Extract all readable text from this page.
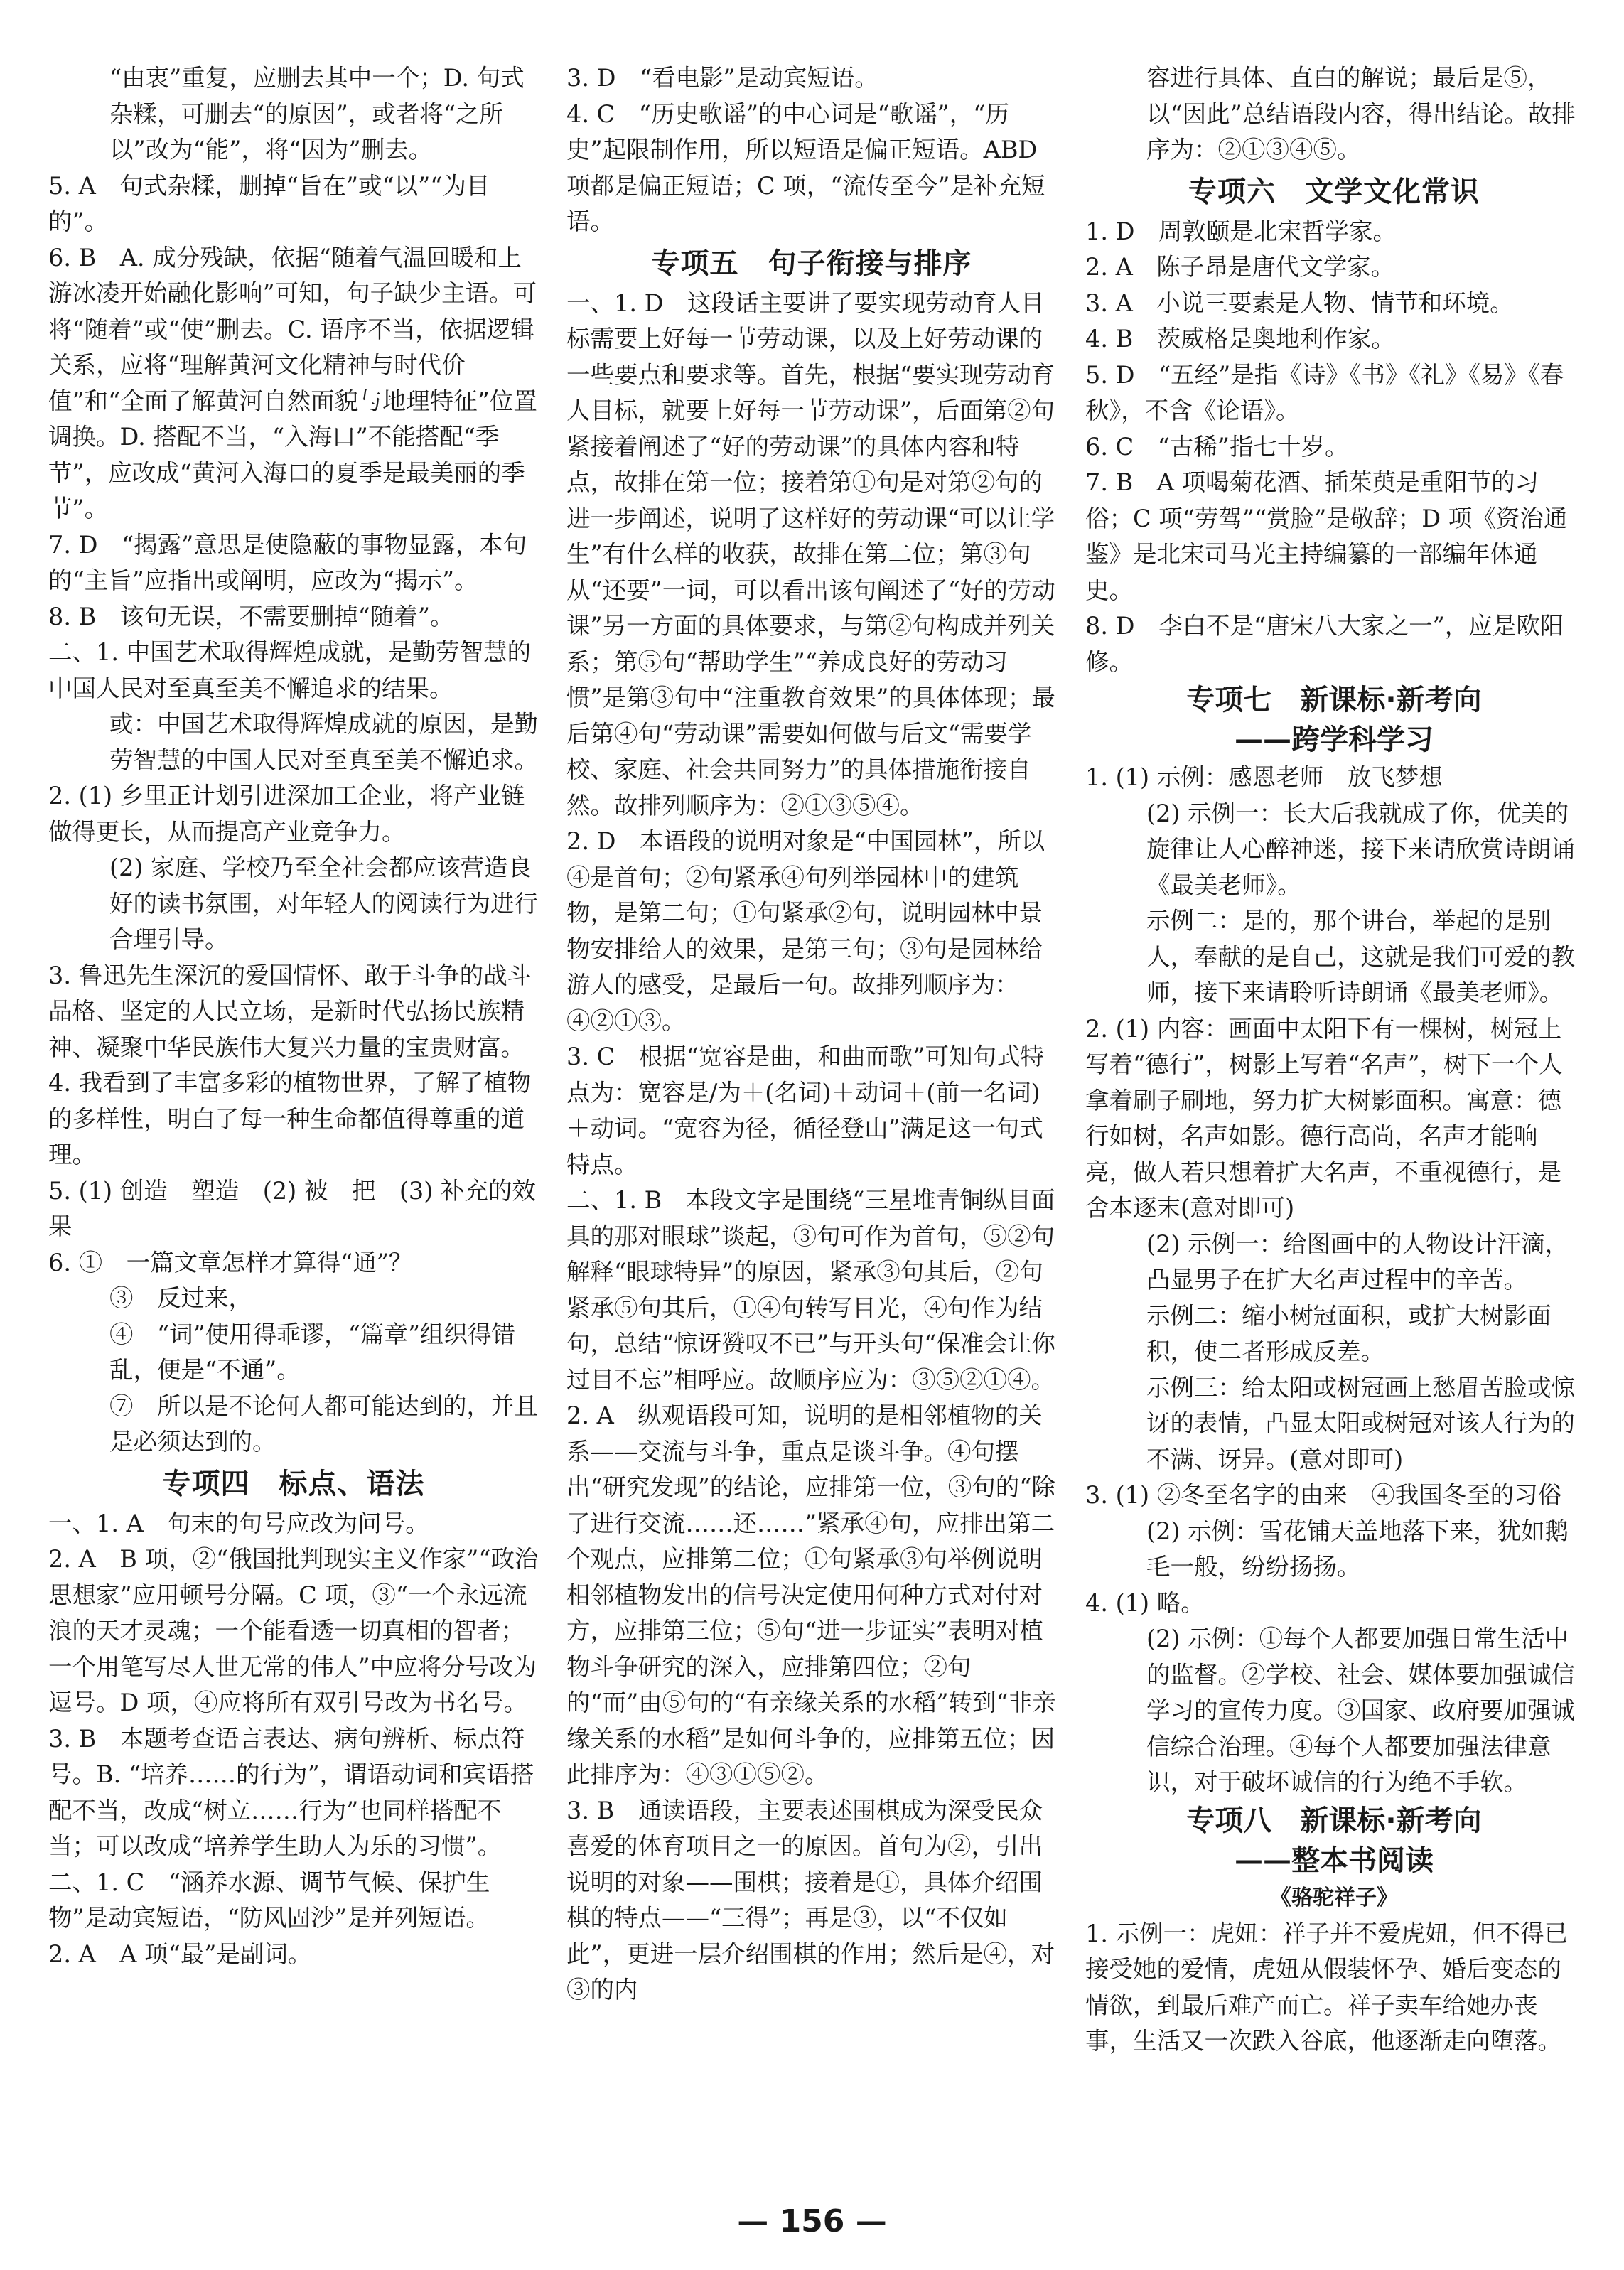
“由衷”重复，应删去其中一个；D. 句式杂糅，可删去“的原因”，或者将“之所以”改为“能”，将“因为”删去。
5. A　句式杂糅，删掉“旨在”或“以”“为目的”。
6. B　A. 成分残缺，依据“随着气温回暖和上游冰凌开始融化影响”可知，句子缺少主语。可将“随着”或“使”删去。C. 语序不当，依据逻辑关系，应将“理解黄河文化精神与时代价值”和“全面了解黄河自然面貌与地理特征”位置调换。D. 搭配不当，“入海口”不能搭配“季节”，应改成“黄河入海口的夏季是最美丽的季节”。
7. D　“揭露”意思是使隐蔽的事物显露，本句的“主旨”应指出或阐明，应改为“揭示”。
8. B　该句无误，不需要删掉“随着”。
二、1. 中国艺术取得辉煌成就，是勤劳智慧的中国人民对至真至美不懈追求的结果。
或：中国艺术取得辉煌成就的原因，是勤劳智慧的中国人民对至真至美不懈追求。
2. (1) 乡里正计划引进深加工企业，将产业链做得更长，从而提高产业竞争力。
(2) 家庭、学校乃至全社会都应该营造良好的读书氛围，对年轻人的阅读行为进行合理引导。
3. 鲁迅先生深沉的爱国情怀、敢于斗争的战斗品格、坚定的人民立场，是新时代弘扬民族精神、凝聚中华民族伟大复兴力量的宝贵财富。
4. 我看到了丰富多彩的植物世界，了解了植物的多样性，明白了每一种生命都值得尊重的道理。
5. (1) 创造　塑造　(2) 被　把　(3) 补充的效果
6. ①　一篇文章怎样才算得“通”？
③　反过来，
④　“词”使用得乖谬，“篇章”组织得错乱，便是“不通”。
⑦　所以是不论何人都可能达到的，并且是必须达到的。
专项四　标点、语法
一、1. A　句末的句号应改为问号。
2. A　B 项，②“俄国批判现实主义作家”“政治思想家”应用顿号分隔。C 项，③“一个永远流浪的天才灵魂；一个能看透一切真相的智者；一个用笔写尽人世无常的伟人”中应将分号改为逗号。D 项，④应将所有双引号改为书名号。
3. B　本题考查语言表达、病句辨析、标点符号。B. “培养……的行为”，谓语动词和宾语搭配不当，改成“树立……行为”也同样搭配不当；可以改成“培养学生助人为乐的习惯”。
二、1. C　“涵养水源、调节气候、保护生物”是动宾短语，“防风固沙”是并列短语。
2. A　A 项“最”是副词。
3. D　“看电影”是动宾短语。
4. C　“历史歌谣”的中心词是“歌谣”，“历史”起限制作用，所以短语是偏正短语。ABD 项都是偏正短语；C 项，“流传至今”是补充短语。
专项五　句子衔接与排序
一、1. D　这段话主要讲了要实现劳动育人目标需要上好每一节劳动课，以及上好劳动课的一些要点和要求等。首先，根据“要实现劳动育人目标，就要上好每一节劳动课”，后面第②句紧接着阐述了“好的劳动课”的具体内容和特点，故排在第一位；接着第①句是对第②句的进一步阐述，说明了这样好的劳动课“可以让学生”有什么样的收获，故排在第二位；第③句从“还要”一词，可以看出该句阐述了“好的劳动课”另一方面的具体要求，与第②句构成并列关系；第⑤句“帮助学生”“养成良好的劳动习惯”是第③句中“注重教育效果”的具体体现；最后第④句“劳动课”需要如何做与后文“需要学校、家庭、社会共同努力”的具体措施衔接自然。故排列顺序为：②①③⑤④。
2. D　本语段的说明对象是“中国园林”，所以④是首句；②句紧承④句列举园林中的建筑物，是第二句；①句紧承②句，说明园林中景物安排给人的效果，是第三句；③句是园林给游人的感受，是最后一句。故排列顺序为：④②①③。
3. C　根据“宽容是曲，和曲而歌”可知句式特点为：宽容是/为＋(名词)＋动词＋(前一名词)＋动词。“宽容为径，循径登山”满足这一句式特点。
二、1. B　本段文字是围绕“三星堆青铜纵目面具的那对眼球”谈起，③句可作为首句，⑤②句解释“眼球特异”的原因，紧承③句其后，②句紧承⑤句其后，①④句转写目光，④句作为结句，总结“惊讶赞叹不已”与开头句“保准会让你过目不忘”相呼应。故顺序应为：③⑤②①④。
2. A　纵观语段可知，说明的是相邻植物的关系——交流与斗争，重点是谈斗争。④句摆出“研究发现”的结论，应排第一位，③句的“除了进行交流……还……”紧承④句，应排出第二个观点，应排第二位；①句紧承③句举例说明相邻植物发出的信号决定使用何种方式对付对方，应排第三位；⑤句“进一步证实”表明对植物斗争研究的深入，应排第四位；②句的“而”由⑤句的“有亲缘关系的水稻”转到“非亲缘关系的水稻”是如何斗争的，应排第五位；因此排序为：④③①⑤②。
3. B　通读语段，主要表述围棋成为深受民众喜爱的体育项目之一的原因。首句为②，引出说明的对象——围棋；接着是①，具体介绍围棋的特点——“三得”；再是③，以“不仅如此”，更进一层介绍围棋的作用；然后是④，对③的内
容进行具体、直白的解说；最后是⑤，以“因此”总结语段内容，得出结论。故排序为：②①③④⑤。
专项六　文学文化常识
1. D　周敦颐是北宋哲学家。
2. A　陈子昂是唐代文学家。
3. A　小说三要素是人物、情节和环境。
4. B　茨威格是奥地利作家。
5. D　“五经”是指《诗》《书》《礼》《易》《春秋》，不含《论语》。
6. C　“古稀”指七十岁。
7. B　A 项喝菊花酒、插茱萸是重阳节的习俗；C 项“劳驾”“赏脸”是敬辞；D 项《资治通鉴》是北宋司马光主持编纂的一部编年体通史。
8. D　李白不是“唐宋八大家之一”，应是欧阳修。
专项七　新课标·新考向
——跨学科学习
1. (1) 示例：感恩老师　放飞梦想
(2) 示例一：长大后我就成了你，优美的旋律让人心醉神迷，接下来请欣赏诗朗诵《最美老师》。
示例二：是的，那个讲台，举起的是别人，奉献的是自己，这就是我们可爱的教师，接下来请聆听诗朗诵《最美老师》。
2. (1) 内容：画面中太阳下有一棵树，树冠上写着“德行”，树影上写着“名声”，树下一个人拿着刷子刷地，努力扩大树影面积。寓意：德行如树，名声如影。德行高尚，名声才能响亮，做人若只想着扩大名声，不重视德行，是舍本逐末(意对即可)
(2) 示例一：给图画中的人物设计汗滴，凸显男子在扩大名声过程中的辛苦。
示例二：缩小树冠面积，或扩大树影面积，使二者形成反差。
示例三：给太阳或树冠画上愁眉苦脸或惊讶的表情，凸显太阳或树冠对该人行为的不满、讶异。(意对即可)
3. (1) ②冬至名字的由来　④我国冬至的习俗
(2) 示例：雪花铺天盖地落下来，犹如鹅毛一般，纷纷扬扬。
4. (1) 略。
(2) 示例：①每个人都要加强日常生活中的监督。②学校、社会、媒体要加强诚信学习的宣传力度。③国家、政府要加强诚信综合治理。④每个人都要加强法律意识，对于破坏诚信的行为绝不手软。
专项八　新课标·新考向
——整本书阅读
《骆驼祥子》
1. 示例一：虎妞：祥子并不爱虎妞，但不得已接受她的爱情，虎妞从假装怀孕、婚后变态的情欲，到最后难产而亡。祥子卖车给她办丧事，生活又一次跌入谷底，他逐渐走向堕落。
— 156 —
